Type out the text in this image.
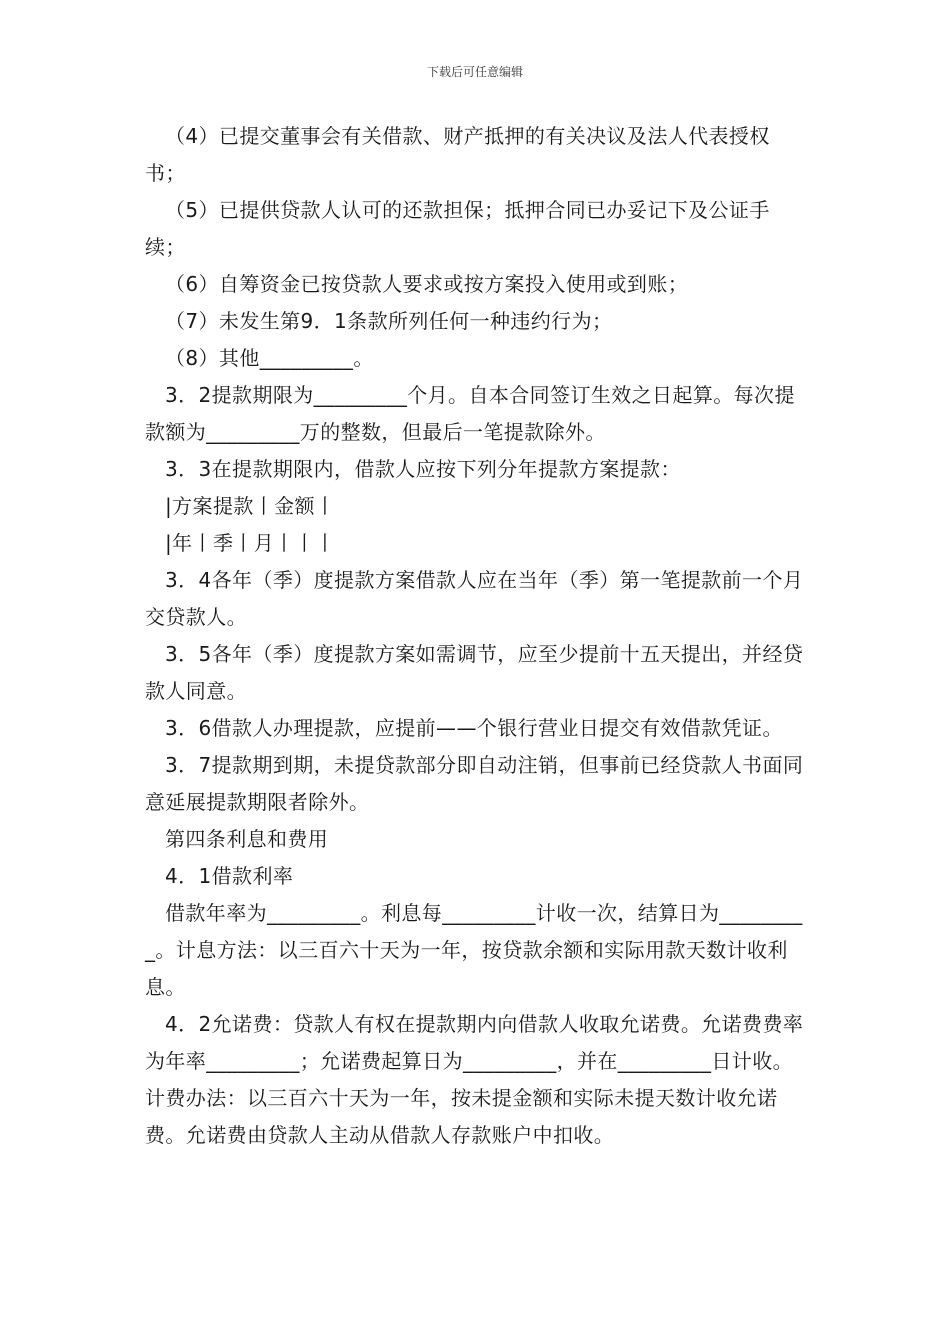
下载后可任意编辑

（4）已提交董事会有关借款、财产抵押的有关决议及法人代表授权书；

（5）已提供贷款人认可的还款担保；抵押合同已办妥记下及公证手续；

（6）自筹资金已按贷款人要求或按方案投入使用或到账；

（7）未发生第9．1条款所列任何一种违约行为；

（8）其他_________。

3．2提款期限为_________个月。自本合同签订生效之日起算。每次提款额为_________万的整数，但最后一笔提款除外。

3．3在提款期限内，借款人应按下列分年提款方案提款：

|方案提款丨金额丨

|年丨季丨月丨丨丨

3．4各年（季）度提款方案借款人应在当年（季）第一笔提款前一个月交贷款人。

3．5各年（季）度提款方案如需调节，应至少提前十五天提出，并经贷款人同意。

3．6借款人办理提款，应提前——个银行营业日提交有效借款凭证。

3．7提款期到期，未提贷款部分即自动注销，但事前已经贷款人书面同意延展提款期限者除外。

第四条利息和费用

4．1借款利率

借款年率为_________。利息每_________计收一次，结算日为_________。计息方法：以三百六十天为一年，按贷款余额和实际用款天数计收利息。

4．2允诺费：贷款人有权在提款期内向借款人收取允诺费。允诺费费率为年率_________；允诺费起算日为_________，并在_________日计收。计费办法：以三百六十天为一年，按未提金额和实际未提天数计收允诺费。允诺费由贷款人主动从借款人存款账户中扣收。
